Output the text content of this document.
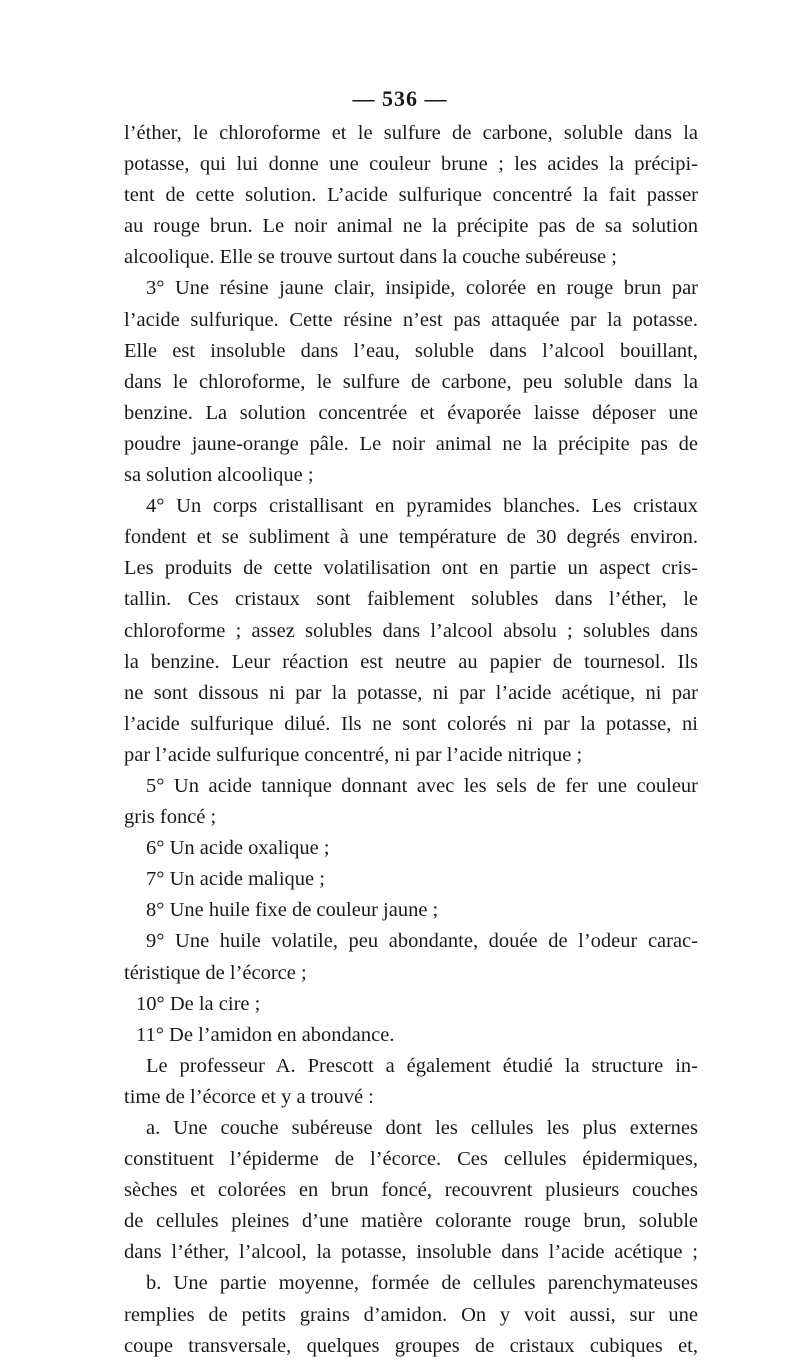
— 536 —
l’éther, le chloroforme et le sulfure de carbone, soluble dans la
potasse, qui lui donne une couleur brune ; les acides la précipi-
tent de cette solution. L’acide sulfurique concentré la fait passer
au rouge brun. Le noir animal ne la précipite pas de sa solution
alcoolique. Elle se trouve surtout dans la couche subéreuse ;
3° Une résine jaune clair, insipide, colorée en rouge brun par
l’acide sulfurique. Cette résine n’est pas attaquée par la potasse.
Elle est insoluble dans l’eau, soluble dans l’alcool bouillant,
dans le chloroforme, le sulfure de carbone, peu soluble dans la
benzine. La solution concentrée et évaporée laisse déposer une
poudre jaune-orange pâle. Le noir animal ne la précipite pas de
sa solution alcoolique ;
4° Un corps cristallisant en pyramides blanches. Les cristaux
fondent et se subliment à une température de 30 degrés environ.
Les produits de cette volatilisation ont en partie un aspect cris-
tallin. Ces cristaux sont faiblement solubles dans l’éther, le
chloroforme ; assez solubles dans l’alcool absolu ; solubles dans
la benzine. Leur réaction est neutre au papier de tournesol. Ils
ne sont dissous ni par la potasse, ni par l’acide acétique, ni par
l’acide sulfurique dilué. Ils ne sont colorés ni par la potasse, ni
par l’acide sulfurique concentré, ni par l’acide nitrique ;
5° Un acide tannique donnant avec les sels de fer une couleur
gris foncé ;
6° Un acide oxalique ;
7° Un acide malique ;
8° Une huile fixe de couleur jaune ;
9° Une huile volatile, peu abondante, douée de l’odeur carac-
téristique de l’écorce ;
10° De la cire ;
11° De l’amidon en abondance.
Le professeur A. Prescott a également étudié la structure in-
time de l’écorce et y a trouvé :
a. Une couche subéreuse dont les cellules les plus externes
constituent l’épiderme de l’écorce. Ces cellules épidermiques,
sèches et colorées en brun foncé, recouvrent plusieurs couches
de cellules pleines d’une matière colorante rouge brun, soluble
dans l’éther, l’alcool, la potasse, insoluble dans l’acide acétique ;
b. Une partie moyenne, formée de cellules parenchymateuses
remplies de petits grains d’amidon. On y voit aussi, sur une
coupe transversale, quelques groupes de cristaux cubiques et,
